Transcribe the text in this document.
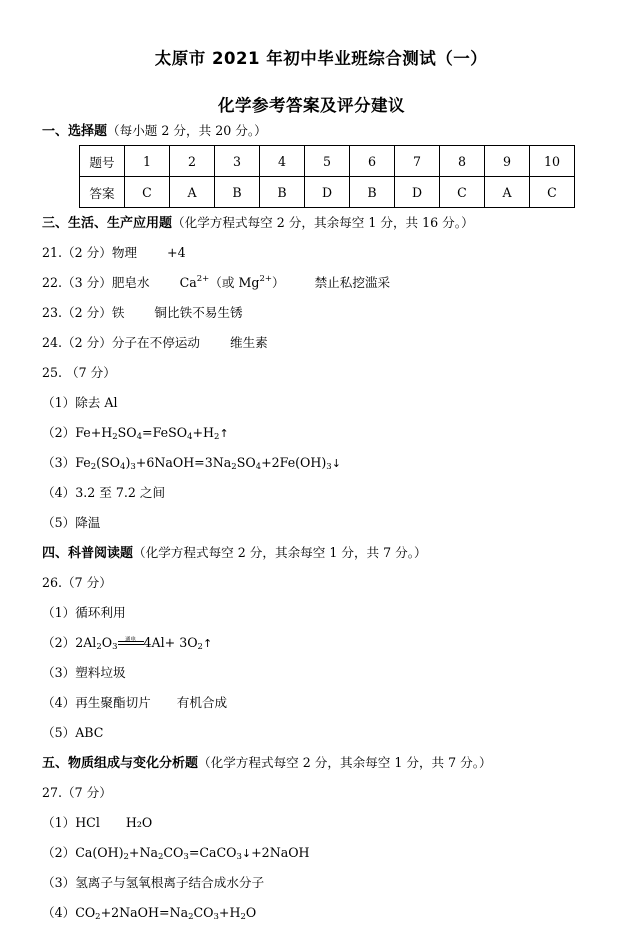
太原市 2021 年初中毕业班综合测试（一）
化学参考答案及评分建议
一、选择题（每小题 2 分，共 20 分。）
题号	1	2	3	4	5	6	7	8	9	10
答案	C	A	B	B	D	B	D	C	A	C
三、生活、生产应用题（化学方程式每空 2 分，其余每空 1 分，共 16 分。）
21.（2 分）物理 +4
22.（3 分）肥皂水 $Ca^{2+}$（或 $Mg^{2+}$） 禁止私挖滥采
23.（2 分）铁 铜比铁不易生锈
24.（2 分）分子在不停运动 维生素
25. （7 分）
（1）除去 Al
$(2)Fe+H_2SO_4=FeSO_4+H_2↑$
$(3)Fe_2(SO_4)_3+6NaOH=3Na_2SO_4+2Fe(OH)_3↓$
（4）3.2 至 7.2 之间
（5）降温
四、科普阅读题（化学方程式每空 2 分，其余每空 1 分，共 7 分。）
26.（7 分）
（1）循环利用
$(2)2Al_2O_3$
通电 $4Al+ 3O_2↑$
（3）塑料垃圾
（4）再生聚酯切片 有机合成
（5）ABC
五、物质组成与变化分析题（化学方程式每空 2 分，其余每空 1 分，共 7 分。）
27.（7 分）
（1）HCl H₂O
$(2)Ca(OH)_2+Na_2CO_3=CaCO_3↓+2NaOH$
（3）氢离子与氢氧根离子结合成水分子
$(4)CO_2+2NaOH=Na_2CO_3+H_2O$
